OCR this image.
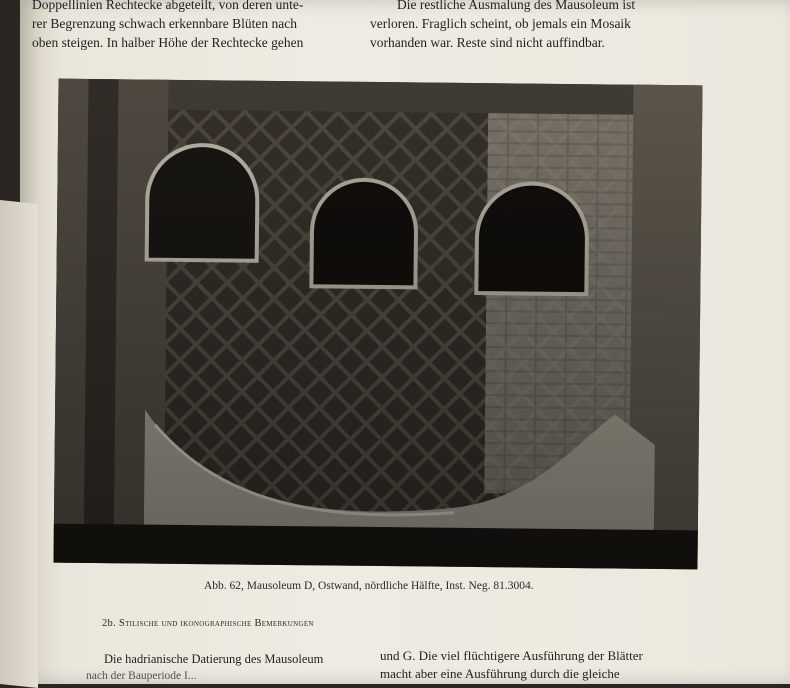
Doppellinien Rechtecke abgeteilt, von deren unte-
rer Begrenzung schwach erkennbare Blüten nach
oben steigen. In halber Höhe der Rechtecke gehen
Die restliche Ausmalung des Mausoleum ist
verloren. Fraglich scheint, ob jemals ein Mosaik
vorhanden war. Reste sind nicht auffindbar.
Abb. 62, Mausoleum D, Ostwand, nördliche Hälfte, Inst. Neg. 81.3004.
2b. Stilische und ikonographische Bemerkungen
Die hadrianische Datierung des Mausoleum
nach der Bauperiode I...
und G. Die viel flüchtigere Ausführung der Blätter
macht aber eine Ausführung durch die gleiche
